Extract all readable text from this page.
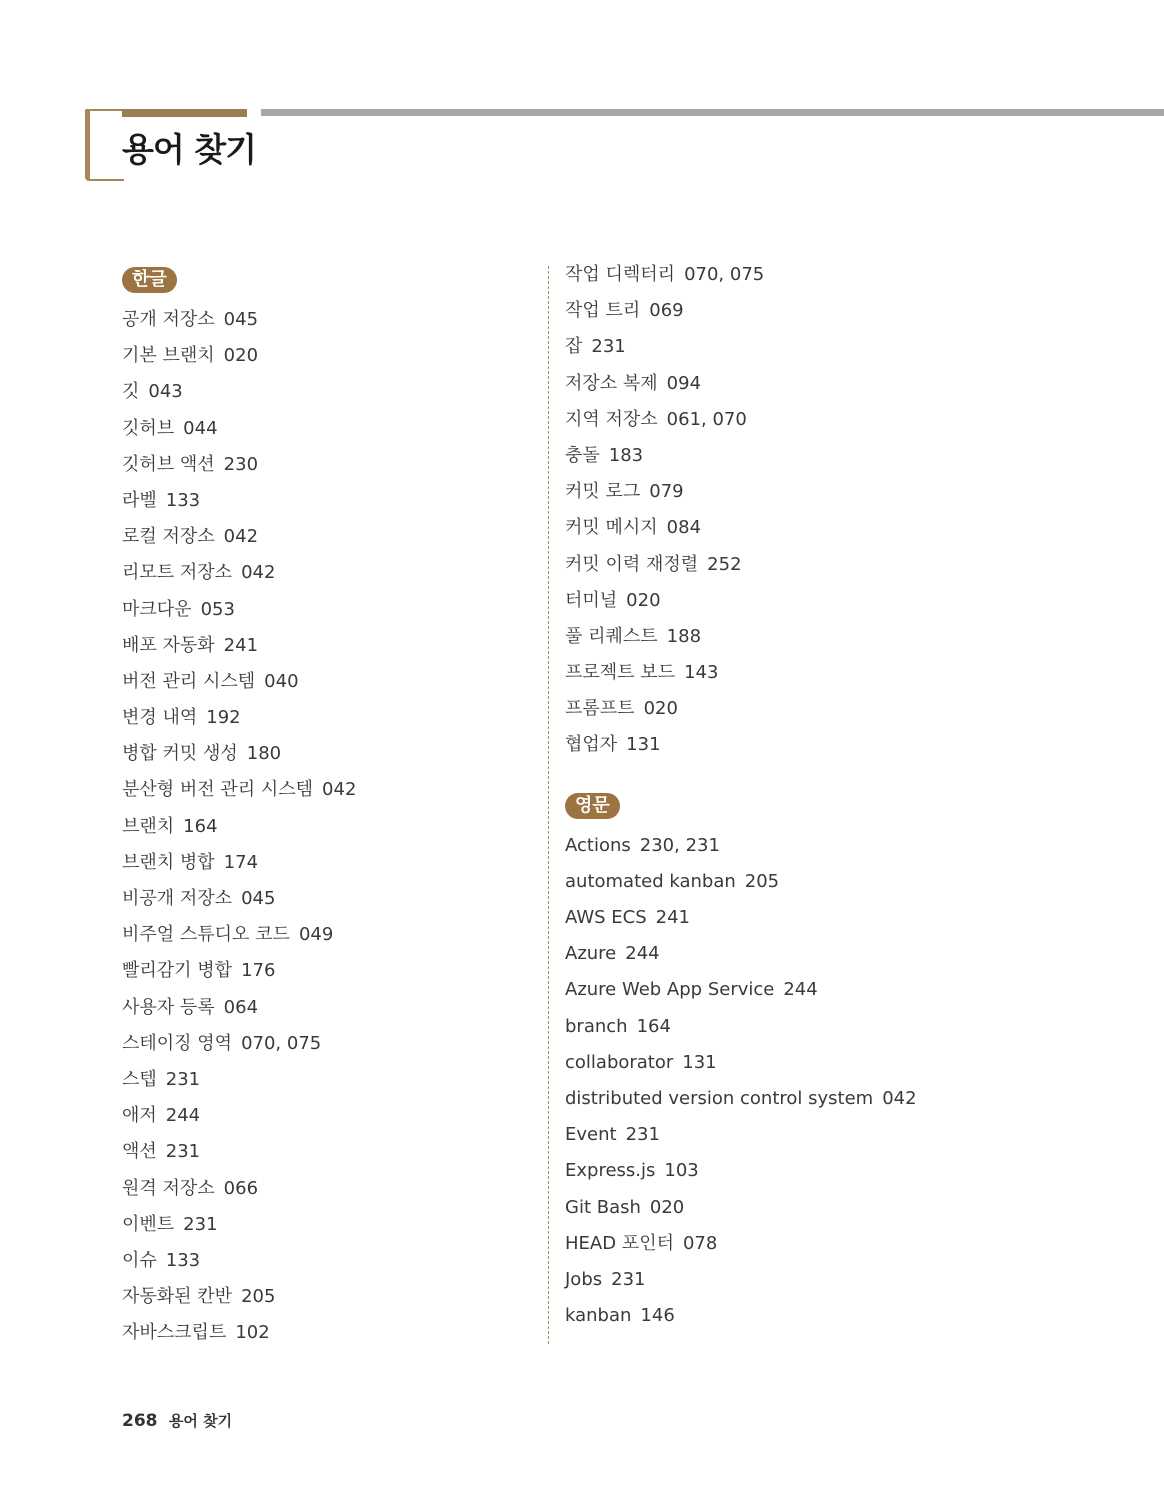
용어 찾기
한글
공개 저장소 045
기본 브랜치 020
깃 043
깃허브 044
깃허브 액션 230
라벨 133
로컬 저장소 042
리모트 저장소 042
마크다운 053
배포 자동화 241
버전 관리 시스템 040
변경 내역 192
병합 커밋 생성 180
분산형 버전 관리 시스템 042
브랜치 164
브랜치 병합 174
비공개 저장소 045
비주얼 스튜디오 코드 049
빨리감기 병합 176
사용자 등록 064
스테이징 영역 070, 075
스텝 231
애저 244
액션 231
원격 저장소 066
이벤트 231
이슈 133
자동화된 칸반 205
자바스크립트 102
작업 디렉터리 070, 075
작업 트리 069
잡 231
저장소 복제 094
지역 저장소 061, 070
충돌 183
커밋 로그 079
커밋 메시지 084
커밋 이력 재정렬 252
터미널 020
풀 리퀘스트 188
프로젝트 보드 143
프롬프트 020
협업자 131
영문
Actions 230, 231
automated kanban 205
AWS ECS 241
Azure 244
Azure Web App Service 244
branch 164
collaborator 131
distributed version control system 042
Event 231
Express.js 103
Git Bash 020
HEAD 포인터 078
Jobs 231
kanban 146
268 용어 찾기
